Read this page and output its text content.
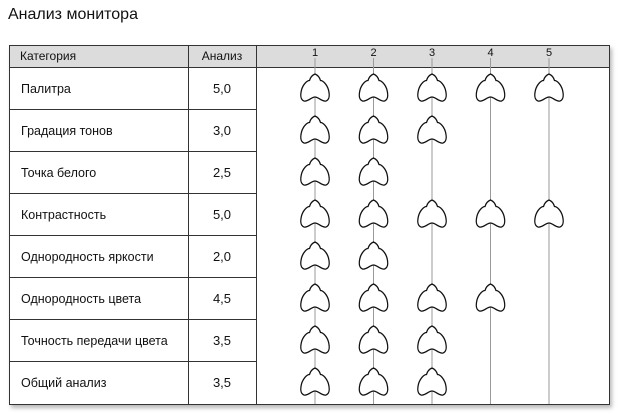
Анализ монитора
Категория	Анализ
Палитра	5,0
Градация тонов	3,0
Точка белого	2,5
Контрастность	5,0
Однородность яркости	2,0
Однородность цвета	4,5
Точность передачи цвета	3,5
Общий анализ	3,5
1	2	3	4	5
